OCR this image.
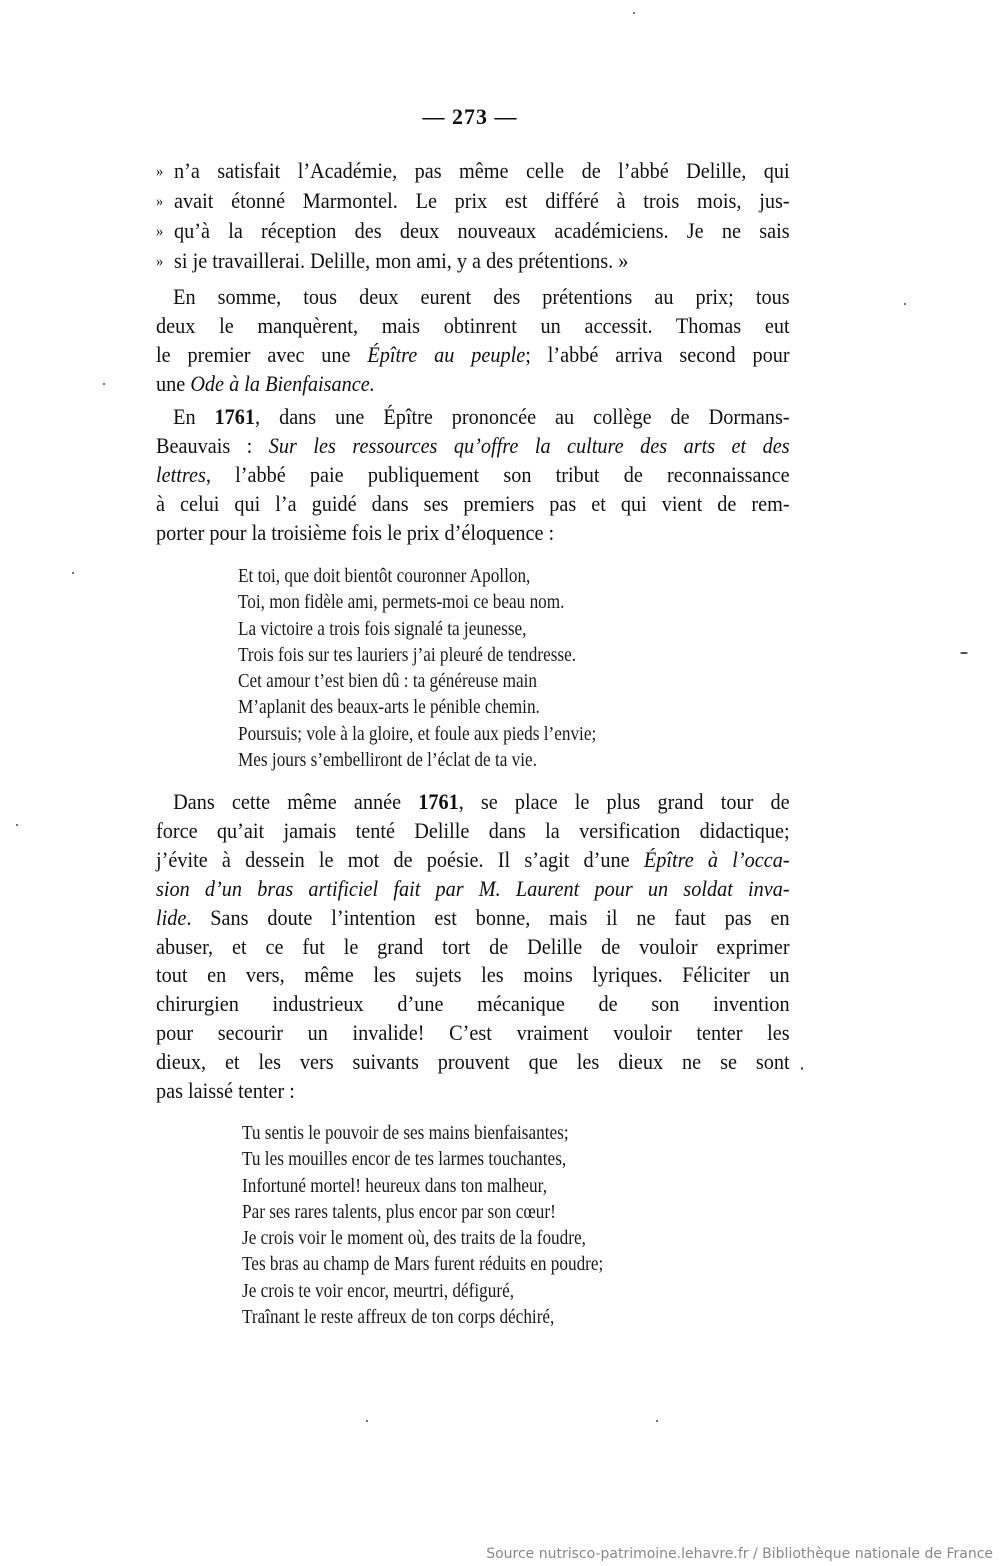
— 273 —
» n’a satisfait l’Académie, pas même celle de l’abbé Delille, qui
» avait étonné Marmontel. Le prix est différé à trois mois, jus-
» qu’à la réception des deux nouveaux académiciens. Je ne sais
» si je travaillerai. Delille, mon ami, y a des prétentions. »
En somme, tous deux eurent des prétentions au prix; tous
deux le manquèrent, mais obtinrent un accessit. Thomas eut
le premier avec une Épître au peuple; l’abbé arriva second pour
une Ode à la Bienfaisance.
En 1761, dans une Épître prononcée au collège de Dormans-
Beauvais : Sur les ressources qu’offre la culture des arts et des
lettres, l’abbé paie publiquement son tribut de reconnaissance
à celui qui l’a guidé dans ses premiers pas et qui vient de rem-
porter pour la troisième fois le prix d’éloquence :
Et toi, que doit bientôt couronner Apollon,
Toi, mon fidèle ami, permets-moi ce beau nom.
La victoire a trois fois signalé ta jeunesse,
Trois fois sur tes lauriers j’ai pleuré de tendresse.
Cet amour t’est bien dû : ta généreuse main
M’aplanit des beaux-arts le pénible chemin.
Poursuis; vole à la gloire, et foule aux pieds l’envie;
Mes jours s’embelliront de l’éclat de ta vie.
Dans cette même année 1761, se place le plus grand tour de
force qu’ait jamais tenté Delille dans la versification didactique;
j’évite à dessein le mot de poésie. Il s’agit d’une Épître à l’occa-
sion d’un bras artificiel fait par M. Laurent pour un soldat inva-
lide. Sans doute l’intention est bonne, mais il ne faut pas en
abuser, et ce fut le grand tort de Delille de vouloir exprimer
tout en vers, même les sujets les moins lyriques. Féliciter un
chirurgien industrieux d’une mécanique de son invention
pour secourir un invalide! C’est vraiment vouloir tenter les
dieux, et les vers suivants prouvent que les dieux ne se sont
pas laissé tenter :
Tu sentis le pouvoir de ses mains bienfaisantes;
Tu les mouilles encor de tes larmes touchantes,
Infortuné mortel! heureux dans ton malheur,
Par ses rares talents, plus encor par son cœur!
Je crois voir le moment où, des traits de la foudre,
Tes bras au champ de Mars furent réduits en poudre;
Je crois te voir encor, meurtri, défiguré,
Traînant le reste affreux de ton corps déchiré,
Source nutrisco-patrimoine.lehavre.fr / Bibliothèque nationale de France
